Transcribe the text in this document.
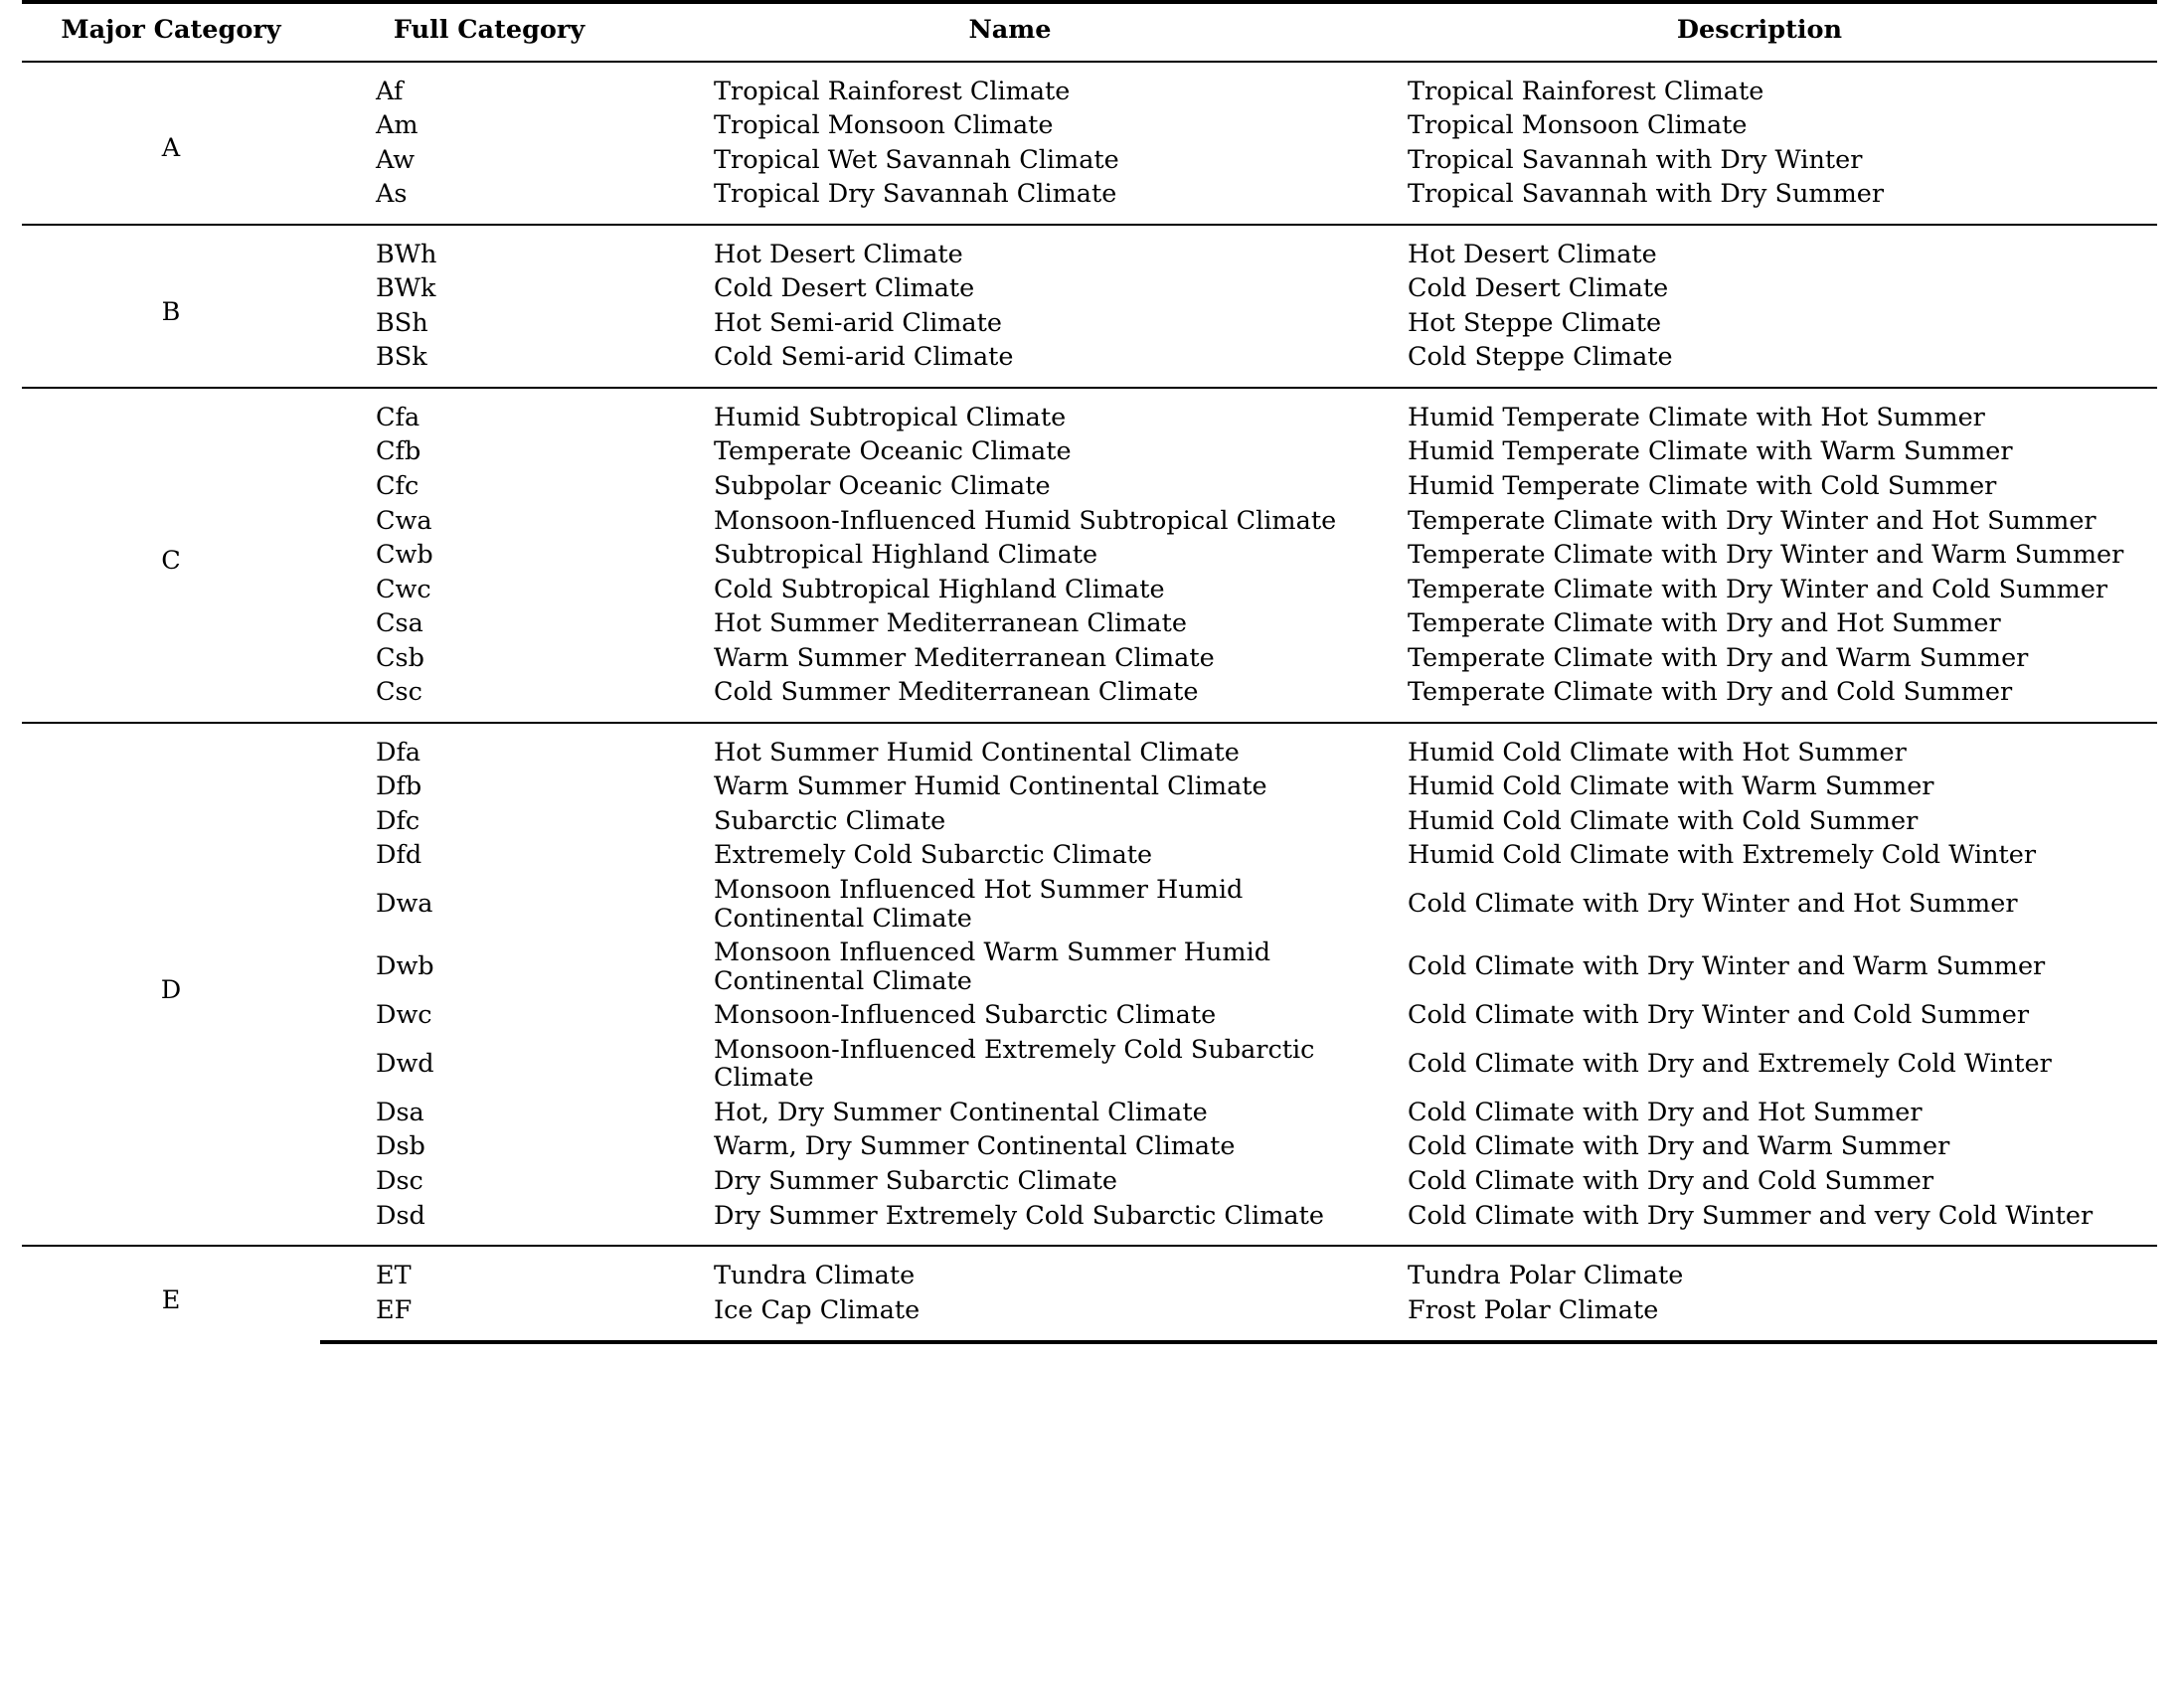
Major Category	Full Category	Name	Description
A	Af	Tropical Rainforest Climate	Tropical Rainforest Climate
	Am	Tropical Monsoon Climate	Tropical Monsoon Climate
	Aw	Tropical Wet Savannah Climate	Tropical Savannah with Dry Winter
	As	Tropical Dry Savannah Climate	Tropical Savannah with Dry Summer
B	BWh	Hot Desert Climate	Hot Desert Climate
	BWk	Cold Desert Climate	Cold Desert Climate
	BSh	Hot Semi-arid Climate	Hot Steppe Climate
	BSk	Cold Semi-arid Climate	Cold Steppe Climate
C	Cfa	Humid Subtropical Climate	Humid Temperate Climate with Hot Summer
	Cfb	Temperate Oceanic Climate	Humid Temperate Climate with Warm Summer
	Cfc	Subpolar Oceanic Climate	Humid Temperate Climate with Cold Summer
	Cwa	Monsoon-Influenced Humid Subtropical Climate	Temperate Climate with Dry Winter and Hot Summer
	Cwb	Subtropical Highland Climate	Temperate Climate with Dry Winter and Warm Summer
	Cwc	Cold Subtropical Highland Climate	Temperate Climate with Dry Winter and Cold Summer
	Csa	Hot Summer Mediterranean Climate	Temperate Climate with Dry and Hot Summer
	Csb	Warm Summer Mediterranean Climate	Temperate Climate with Dry and Warm Summer
	Csc	Cold Summer Mediterranean Climate	Temperate Climate with Dry and Cold Summer
D	Dfa	Hot Summer Humid Continental Climate	Humid Cold Climate with Hot Summer
	Dfb	Warm Summer Humid Continental Climate	Humid Cold Climate with Warm Summer
	Dfc	Subarctic Climate	Humid Cold Climate with Cold Summer
	Dfd	Extremely Cold Subarctic Climate	Humid Cold Climate with Extremely Cold Winter
	Dwa	Monsoon Influenced Hot Summer Humid Continental Climate	Cold Climate with Dry Winter and Hot Summer
	Dwb	Monsoon Influenced Warm Summer Humid Continental Climate	Cold Climate with Dry Winter and Warm Summer
	Dwc	Monsoon-Influenced Subarctic Climate	Cold Climate with Dry Winter and Cold Summer
	Dwd	Monsoon-Influenced Extremely Cold Subarctic Climate	Cold Climate with Dry and Extremely Cold Winter
	Dsa	Hot, Dry Summer Continental Climate	Cold Climate with Dry and Hot Summer
	Dsb	Warm, Dry Summer Continental Climate	Cold Climate with Dry and Warm Summer
	Dsc	Dry Summer Subarctic Climate	Cold Climate with Dry and Cold Summer
	Dsd	Dry Summer Extremely Cold Subarctic Climate	Cold Climate with Dry Summer and very Cold Winter
E	ET	Tundra Climate	Tundra Polar Climate
	EF	Ice Cap Climate	Frost Polar Climate
